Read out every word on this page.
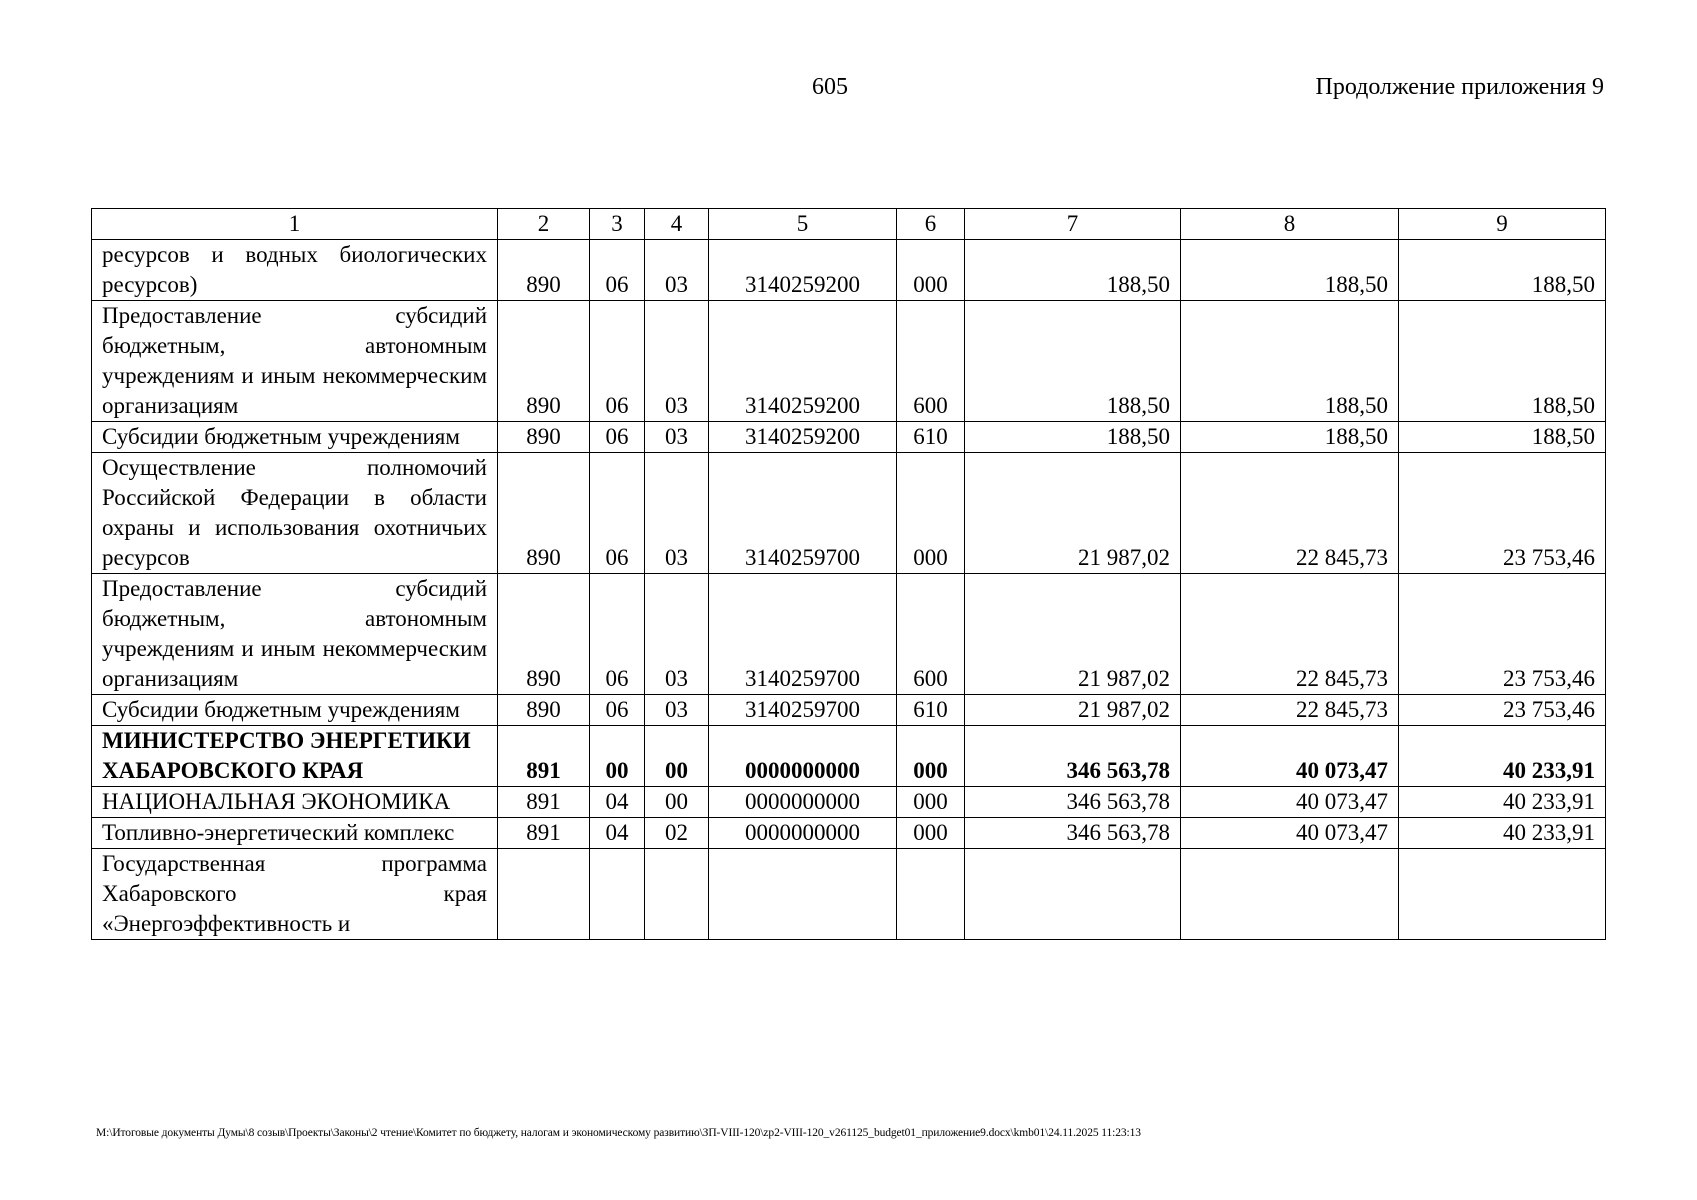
605	Продолжение приложения 9
1	2	3	4	5	6	7	8	9
ресурсов и водных биологических ресурсов)	890	06	03	3140259200	000	188,50	188,50	188,50
Предоставление субсидий бюджетным, автономным учреждениям и иным некоммерческим организациям	890	06	03	3140259200	600	188,50	188,50	188,50
Субсидии бюджетным учреждениям	890	06	03	3140259200	610	188,50	188,50	188,50
Осуществление полномочий Российской Федерации в области охраны и использования охотничьих ресурсов	890	06	03	3140259700	000	21 987,02	22 845,73	23 753,46
Предоставление субсидий бюджетным, автономным учреждениям и иным некоммерческим организациям	890	06	03	3140259700	600	21 987,02	22 845,73	23 753,46
Субсидии бюджетным учреждениям	890	06	03	3140259700	610	21 987,02	22 845,73	23 753,46
МИНИСТЕРСТВО ЭНЕРГЕТИКИ ХАБАРОВСКОГО КРАЯ	891	00	00	0000000000	000	346 563,78	40 073,47	40 233,91
НАЦИОНАЛЬНАЯ ЭКОНОМИКА	891	04	00	0000000000	000	346 563,78	40 073,47	40 233,91
Топливно-энергетический комплекс	891	04	02	0000000000	000	346 563,78	40 073,47	40 233,91
Государственная программа Хабаровского края «Энергоэффективность и								
M:\Итоговые документы Думы\8 созыв\Проекты\Законы\2 чтение\Комитет по бюджету, налогам и экономическому развитию\ЗП-VIII-120\zp2-VIII-120_v261125_budget01_приложение9.docx\kmb01\24.11.2025 11:23:13
